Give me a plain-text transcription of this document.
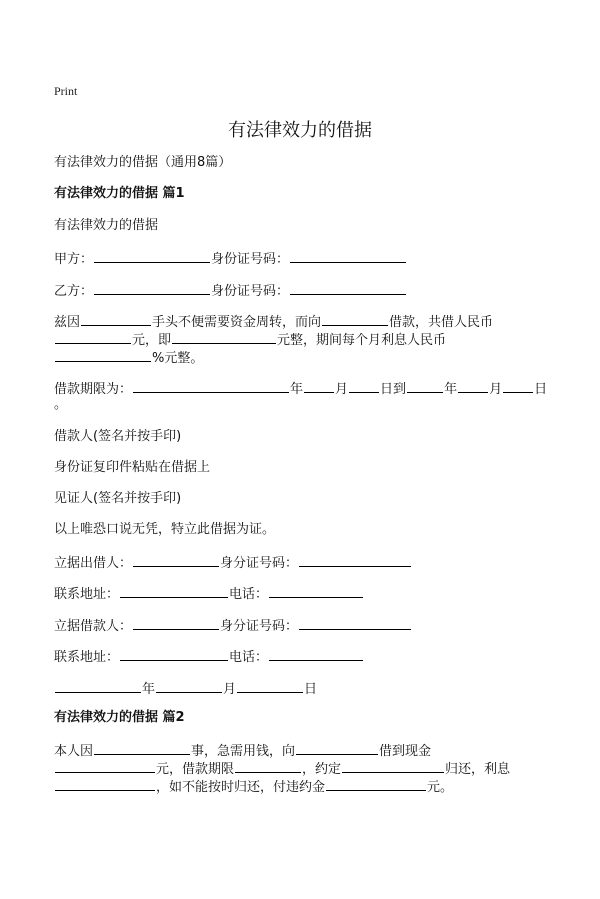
Print
有法律效力的借据
有法律效力的借据（通用8篇）
有法律效力的借据 篇1
有法律效力的借据
甲方：	身份证号码：
乙方：	身份证号码：
兹因	手头不便需要资金周转，而向	借款，共借人民币
元，即	元整，期间每个月利息人民币
%元整。
借款期限为：	年 月 日到	年 月 日
。
借款人(签名并按手印)
身份证复印件粘贴在借据上
见证人(签名并按手印)
以上唯恐口说无凭，特立此借据为证。
立据出借人：	身分证号码：
联系地址：	电话：
立据借款人：	身分证号码：
联系地址：	电话：
年	月	日
有法律效力的借据 篇2
本人因	事，急需用钱，向	借到现金
元，借款期限	，约定	归还，利息
，如不能按时归还，付违约金	元。
